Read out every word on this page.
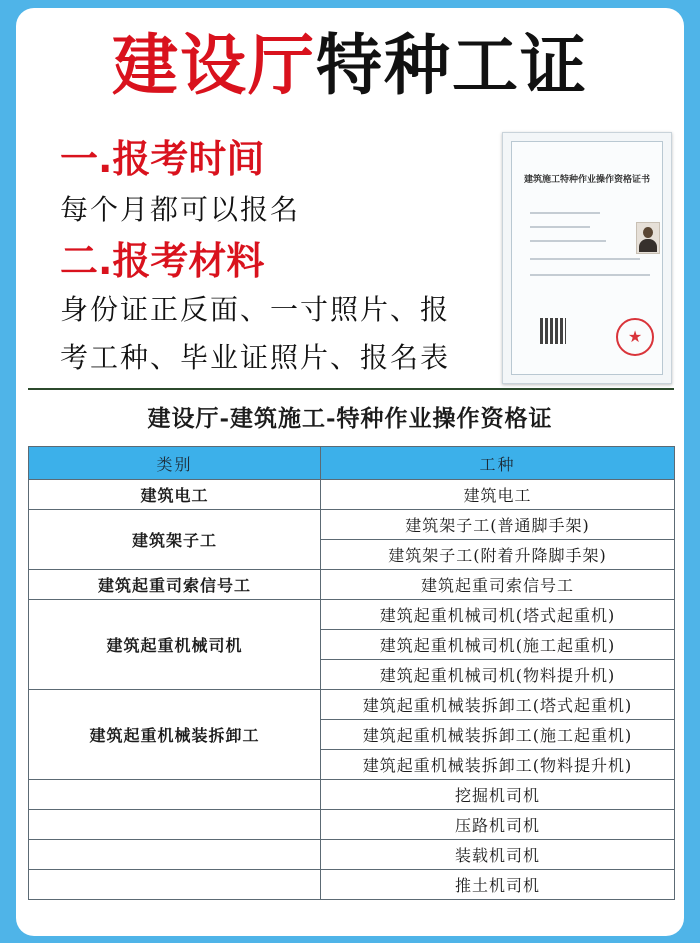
建设厅特种工证
一.报考时间
每个月都可以报名
二.报考材料
身份证正反面、一寸照片、报
考工种、毕业证照片、报名表
建筑施工特种作业操作资格证书
★
建设厅-建筑施工-特种作业操作资格证
类别	工种
建筑电工	建筑电工
建筑架子工	建筑架子工(普通脚手架)
	建筑架子工(附着升降脚手架)
建筑起重司索信号工	建筑起重司索信号工
建筑起重机械司机	建筑起重机械司机(塔式起重机)
	建筑起重机械司机(施工起重机)
	建筑起重机械司机(物料提升机)
建筑起重机械装拆卸工	建筑起重机械装拆卸工(塔式起重机)
	建筑起重机械装拆卸工(施工起重机)
	建筑起重机械装拆卸工(物料提升机)
	挖掘机司机
	压路机司机
	装载机司机
	推土机司机
